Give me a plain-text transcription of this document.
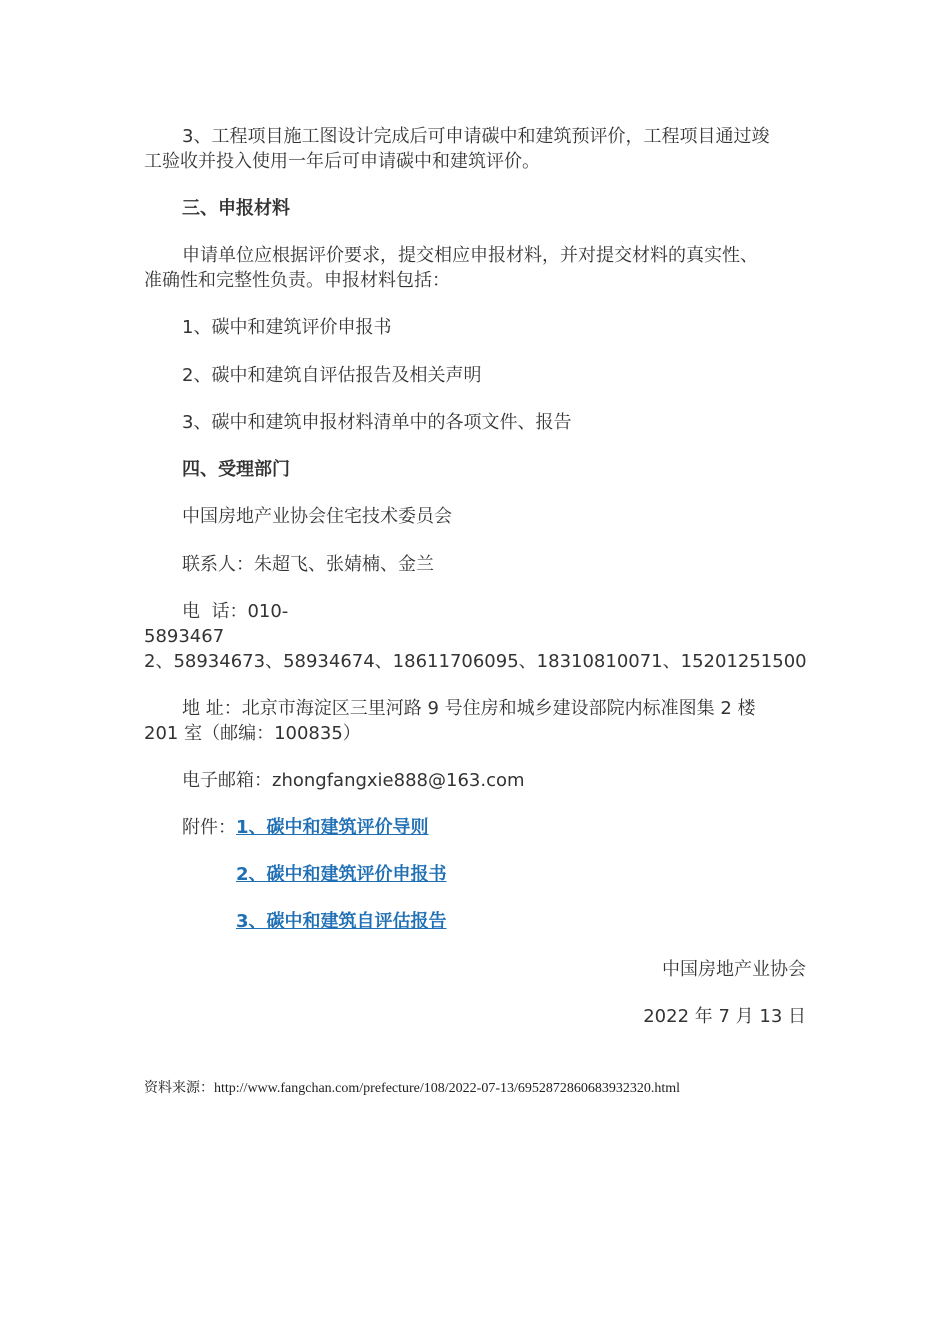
3、工程项目施工图设计完成后可申请碳中和建筑预评价，工程项目通过竣
工验收并投入使用一年后可申请碳中和建筑评价。
三、申报材料
申请单位应根据评价要求，提交相应申报材料，并对提交材料的真实性、
准确性和完整性负责。申报材料包括：
1、碳中和建筑评价申报书
2、碳中和建筑自评估报告及相关声明
3、碳中和建筑申报材料清单中的各项文件、报告
四、受理部门
中国房地产业协会住宅技术委员会
联系人：朱超飞、张婧楠、金兰
电  话：010-
5893467
2、58934673、58934674、18611706095、18310810071、15201251500
地 址：北京市海淀区三里河路 9 号住房和城乡建设部院内标准图集 2 楼
201 室（邮编：100835）
电子邮箱：zhongfangxie888@163.com
附件：1、碳中和建筑评价导则
2、碳中和建筑评价申报书
3、碳中和建筑自评估报告
中国房地产业协会
2022 年 7 月 13 日
资料来源：http://www.fangchan.com/prefecture/108/2022-07-13/6952872860683932320.html
